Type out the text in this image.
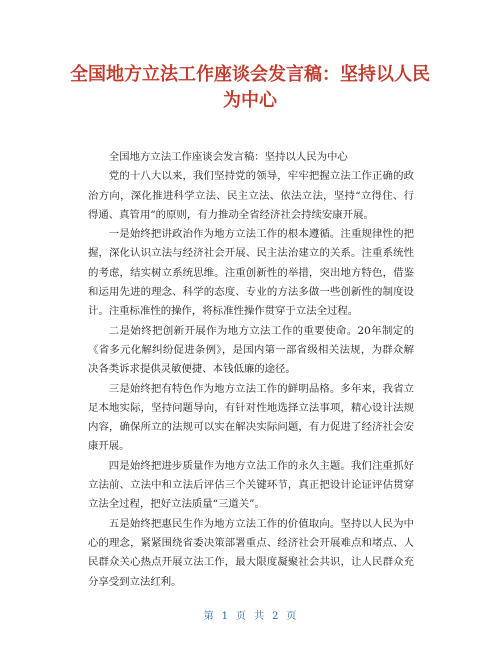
全国地方立法工作座谈会发言稿：坚持以人民
为中心

全国地方立法工作座谈会发言稿：坚持以人民为中心

党的十八大以来，我们坚持党的领导，牢牢把握立法工作正确的政治方向，深化推进科学立法、民主立法、依法立法，坚持“立得住、行得通、真管用”的原则，有力推动全省经济社会持续安康开展。

一是始终把讲政治作为地方立法工作的根本遵循。注重规律性的把握，深化认识立法与经济社会开展、民主法治建立的关系。注重系统性的考虑，结实树立系统思维。注重创新性的举措，突出地方特色，借鉴和运用先进的理念、科学的态度、专业的方法多做一些创新性的制度设计。注重标准性的操作，将标准性操作贯穿于立法全过程。

二是始终把创新开展作为地方立法工作的重要使命。20年制定的《省多元化解纠纷促进条例》，是国内第一部省级相关法规，为群众解决各类诉求提供灵敏便捷、本钱低廉的途径。

三是始终把有特色作为地方立法工作的鲜明品格。多年来，我省立足本地实际，坚持问题导向，有针对性地选择立法事项，精心设计法规内容，确保所立的法规可以实在解决实际问题，有力促进了经济社会安康开展。

四是始终把进步质量作为地方立法工作的永久主题。我们注重抓好立法前、立法中和立法后评估三个关键环节，真正把设计论证评估贯穿立法全过程，把好立法质量“三道关”。

五是始终把惠民生作为地方立法工作的价值取向。坚持以人民为中心的理念，紧紧围绕省委决策部署重点、经济社会开展难点和堵点、人民群众关心热点开展立法工作，最大限度凝聚社会共识，让人民群众充分享受到立法红利。

第 1 页 共 2 页
